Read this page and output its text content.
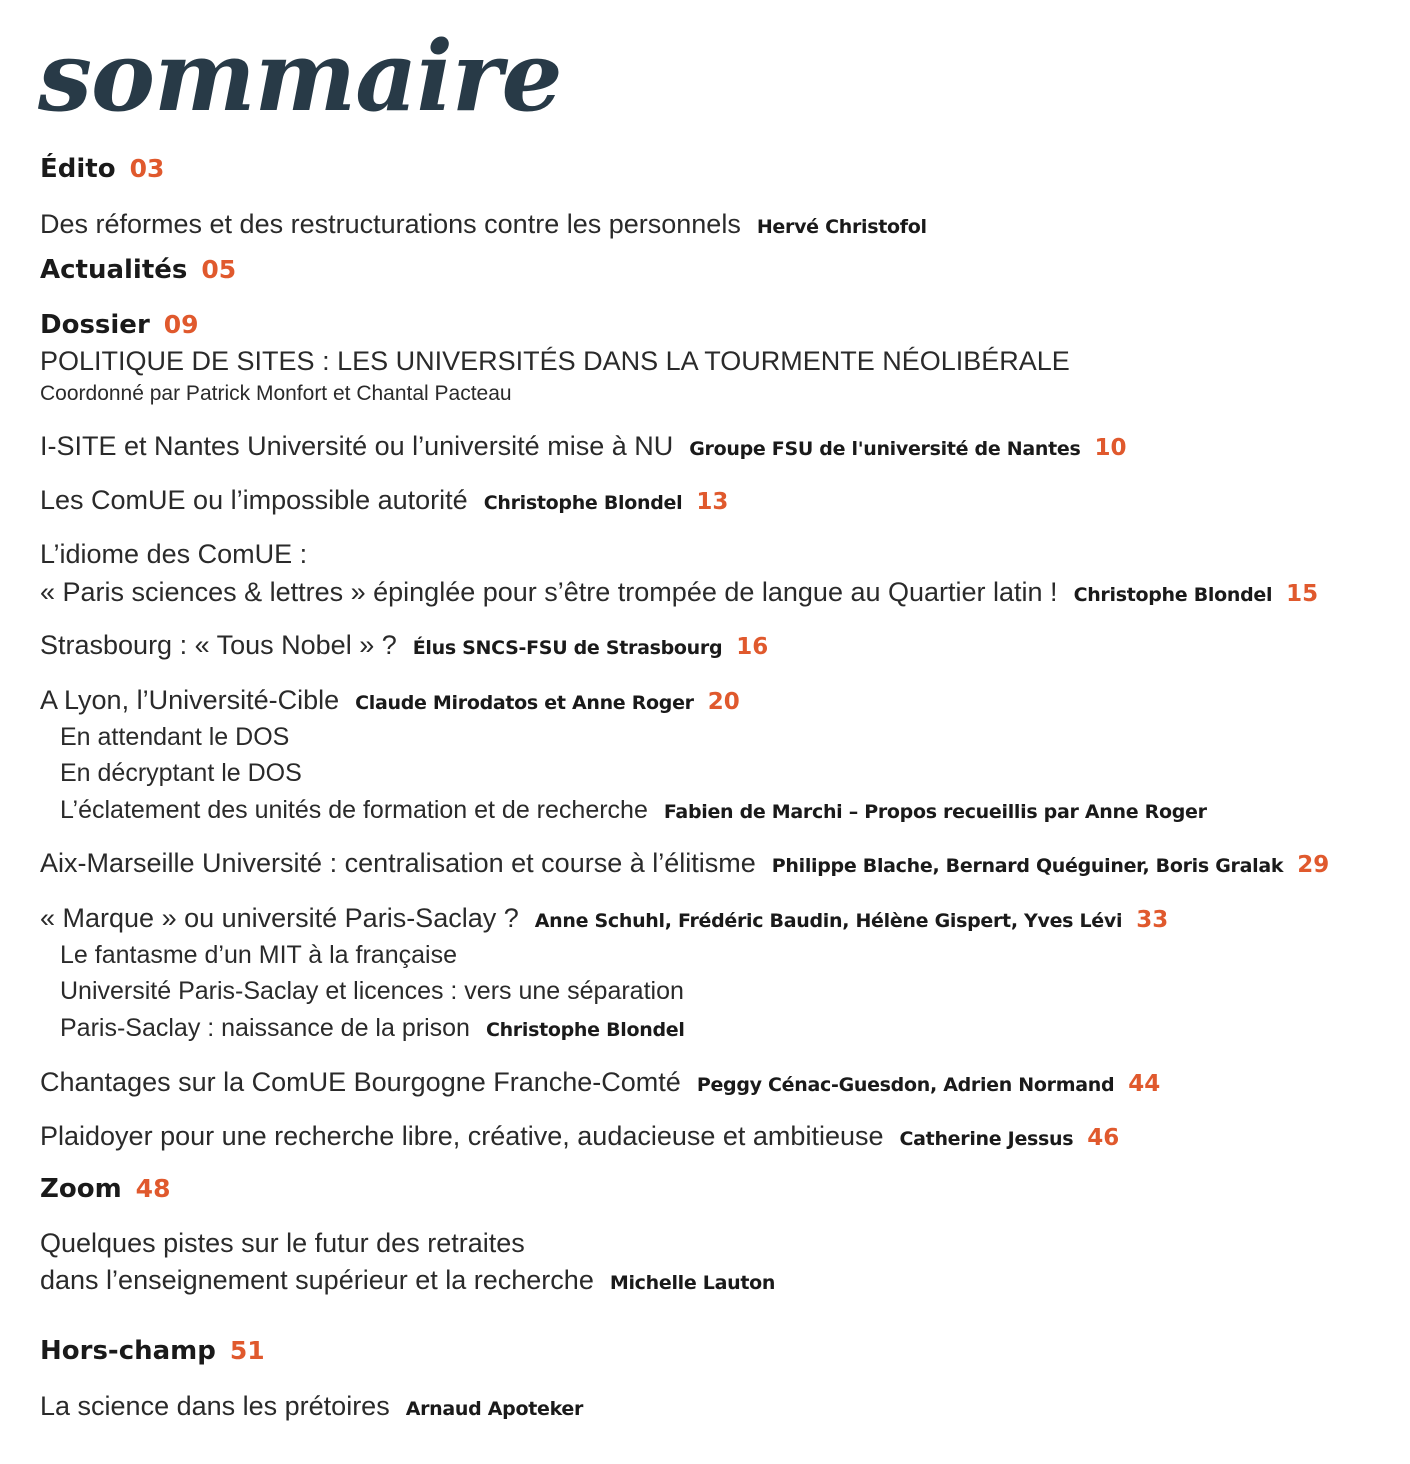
sommaire
Édito 03
Des réformes et des restructurations contre les personnels Hervé Christofol
Actualités 05
Dossier 09
POLITIQUE DE SITES : LES UNIVERSITÉS DANS LA TOURMENTE NÉOLIBÉRALE
Coordonné par Patrick Monfort et Chantal Pacteau
I-SITE et Nantes Université ou l’université mise à NU Groupe FSU de l'université de Nantes 10
Les ComUE ou l’impossible autorité Christophe Blondel 13
L’idiome des ComUE :
« Paris sciences & lettres » épinglée pour s’être trompée de langue au Quartier latin ! Christophe Blondel 15
Strasbourg : « Tous Nobel » ? Élus SNCS-FSU de Strasbourg 16
A Lyon, l’Université-Cible Claude Mirodatos et Anne Roger 20
En attendant le DOS
En décryptant le DOS
L’éclatement des unités de formation et de recherche Fabien de Marchi – Propos recueillis par Anne Roger
Aix-Marseille Université : centralisation et course à l’élitisme Philippe Blache, Bernard Quéguiner, Boris Gralak 29
« Marque » ou université Paris-Saclay ? Anne Schuhl, Frédéric Baudin, Hélène Gispert, Yves Lévi 33
Le fantasme d’un MIT à la française
Université Paris-Saclay et licences : vers une séparation
Paris-Saclay : naissance de la prison Christophe Blondel
Chantages sur la ComUE Bourgogne Franche-Comté Peggy Cénac-Guesdon, Adrien Normand 44
Plaidoyer pour une recherche libre, créative, audacieuse et ambitieuse Catherine Jessus 46
Zoom 48
Quelques pistes sur le futur des retraites
dans l’enseignement supérieur et la recherche Michelle Lauton
Hors-champ 51
La science dans les prétoires Arnaud Apoteker
